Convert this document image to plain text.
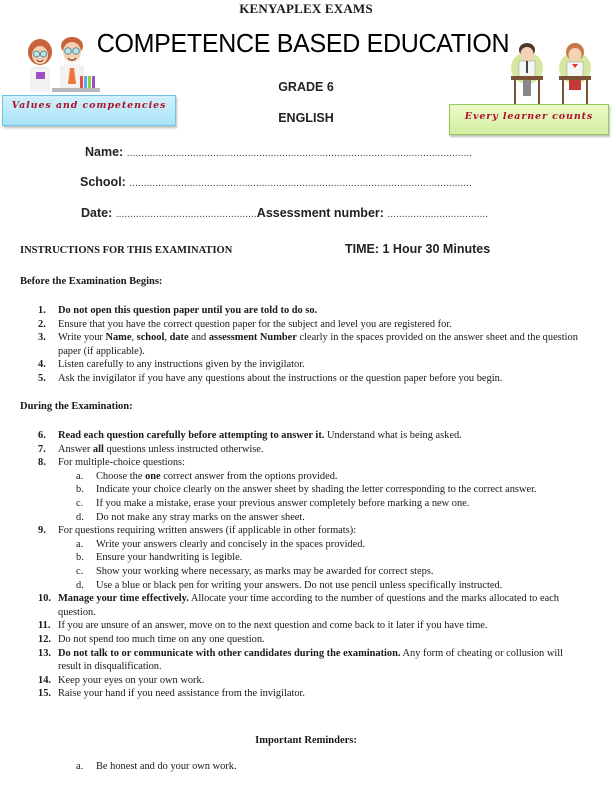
KENYAPLEX EXAMS
COMPETENCE BASED EDUCATION
GRADE 6
Values and competencies
ENGLISH	Every learner counts
Name: ........................................................................................................................
School: .......................................................................................................................
Date: .................................................Assessment number: ...................................
INSTRUCTIONS FOR THIS EXAMINATION	TIME: 1 Hour 30 Minutes
Before the Examination Begins:
1. Do not open this question paper until you are told to do so.
2. Ensure that you have the correct question paper for the subject and level you are registered for.
3. Write your Name, school, date and assessment Number clearly in the spaces provided on the answer sheet and the question paper (if applicable).
4. Listen carefully to any instructions given by the invigilator.
5. Ask the invigilator if you have any questions about the instructions or the question paper before you begin.
During the Examination:
6. Read each question carefully before attempting to answer it. Understand what is being asked.
7. Answer all questions unless instructed otherwise.
8. For multiple-choice questions:
a. Choose the one correct answer from the options provided.
b. Indicate your choice clearly on the answer sheet by shading the letter corresponding to the correct answer.
c. If you make a mistake, erase your previous answer completely before marking a new one.
d. Do not make any stray marks on the answer sheet.
9. For questions requiring written answers (if applicable in other formats):
a. Write your answers clearly and concisely in the spaces provided.
b. Ensure your handwriting is legible.
c. Show your working where necessary, as marks may be awarded for correct steps.
d. Use a blue or black pen for writing your answers. Do not use pencil unless specifically instructed.
10. Manage your time effectively. Allocate your time according to the number of questions and the marks allocated to each question.
11. If you are unsure of an answer, move on to the next question and come back to it later if you have time.
12. Do not spend too much time on any one question.
13. Do not talk to or communicate with other candidates during the examination. Any form of cheating or collusion will result in disqualification.
14. Keep your eyes on your own work.
15. Raise your hand if you need assistance from the invigilator.
Important Reminders:
a. Be honest and do your own work.
